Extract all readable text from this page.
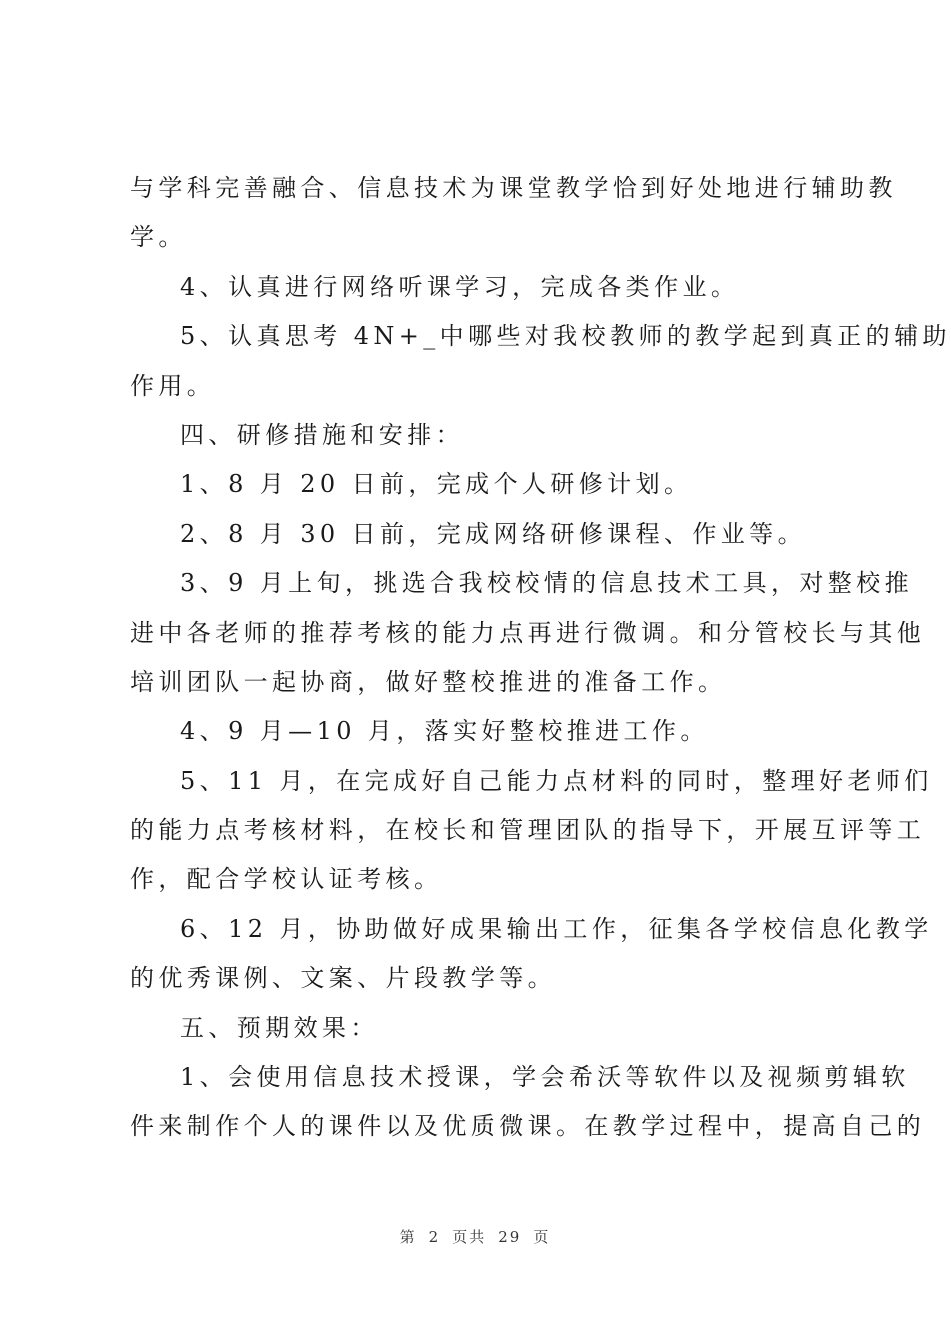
与学科完善融合、信息技术为课堂教学恰到好处地进行辅助教
学。
4、认真进行网络听课学习，完成各类作业。
5、认真思考 4N+_中哪些对我校教师的教学起到真正的辅助
作用。
四、研修措施和安排：
1、8 月 20 日前，完成个人研修计划。
2、8 月 30 日前，完成网络研修课程、作业等。
3、9 月上旬，挑选合我校校情的信息技术工具，对整校推
进中各老师的推荐考核的能力点再进行微调。和分管校长与其他
培训团队一起协商，做好整校推进的准备工作。
4、9 月—10 月，落实好整校推进工作。
5、11 月，在完成好自己能力点材料的同时，整理好老师们
的能力点考核材料，在校长和管理团队的指导下，开展互评等工
作，配合学校认证考核。
6、12 月，协助做好成果输出工作，征集各学校信息化教学
的优秀课例、文案、片段教学等。
五、预期效果：
1、会使用信息技术授课，学会希沃等软件以及视频剪辑软
件来制作个人的课件以及优质微课。在教学过程中，提高自己的
第 2 页共 29 页
